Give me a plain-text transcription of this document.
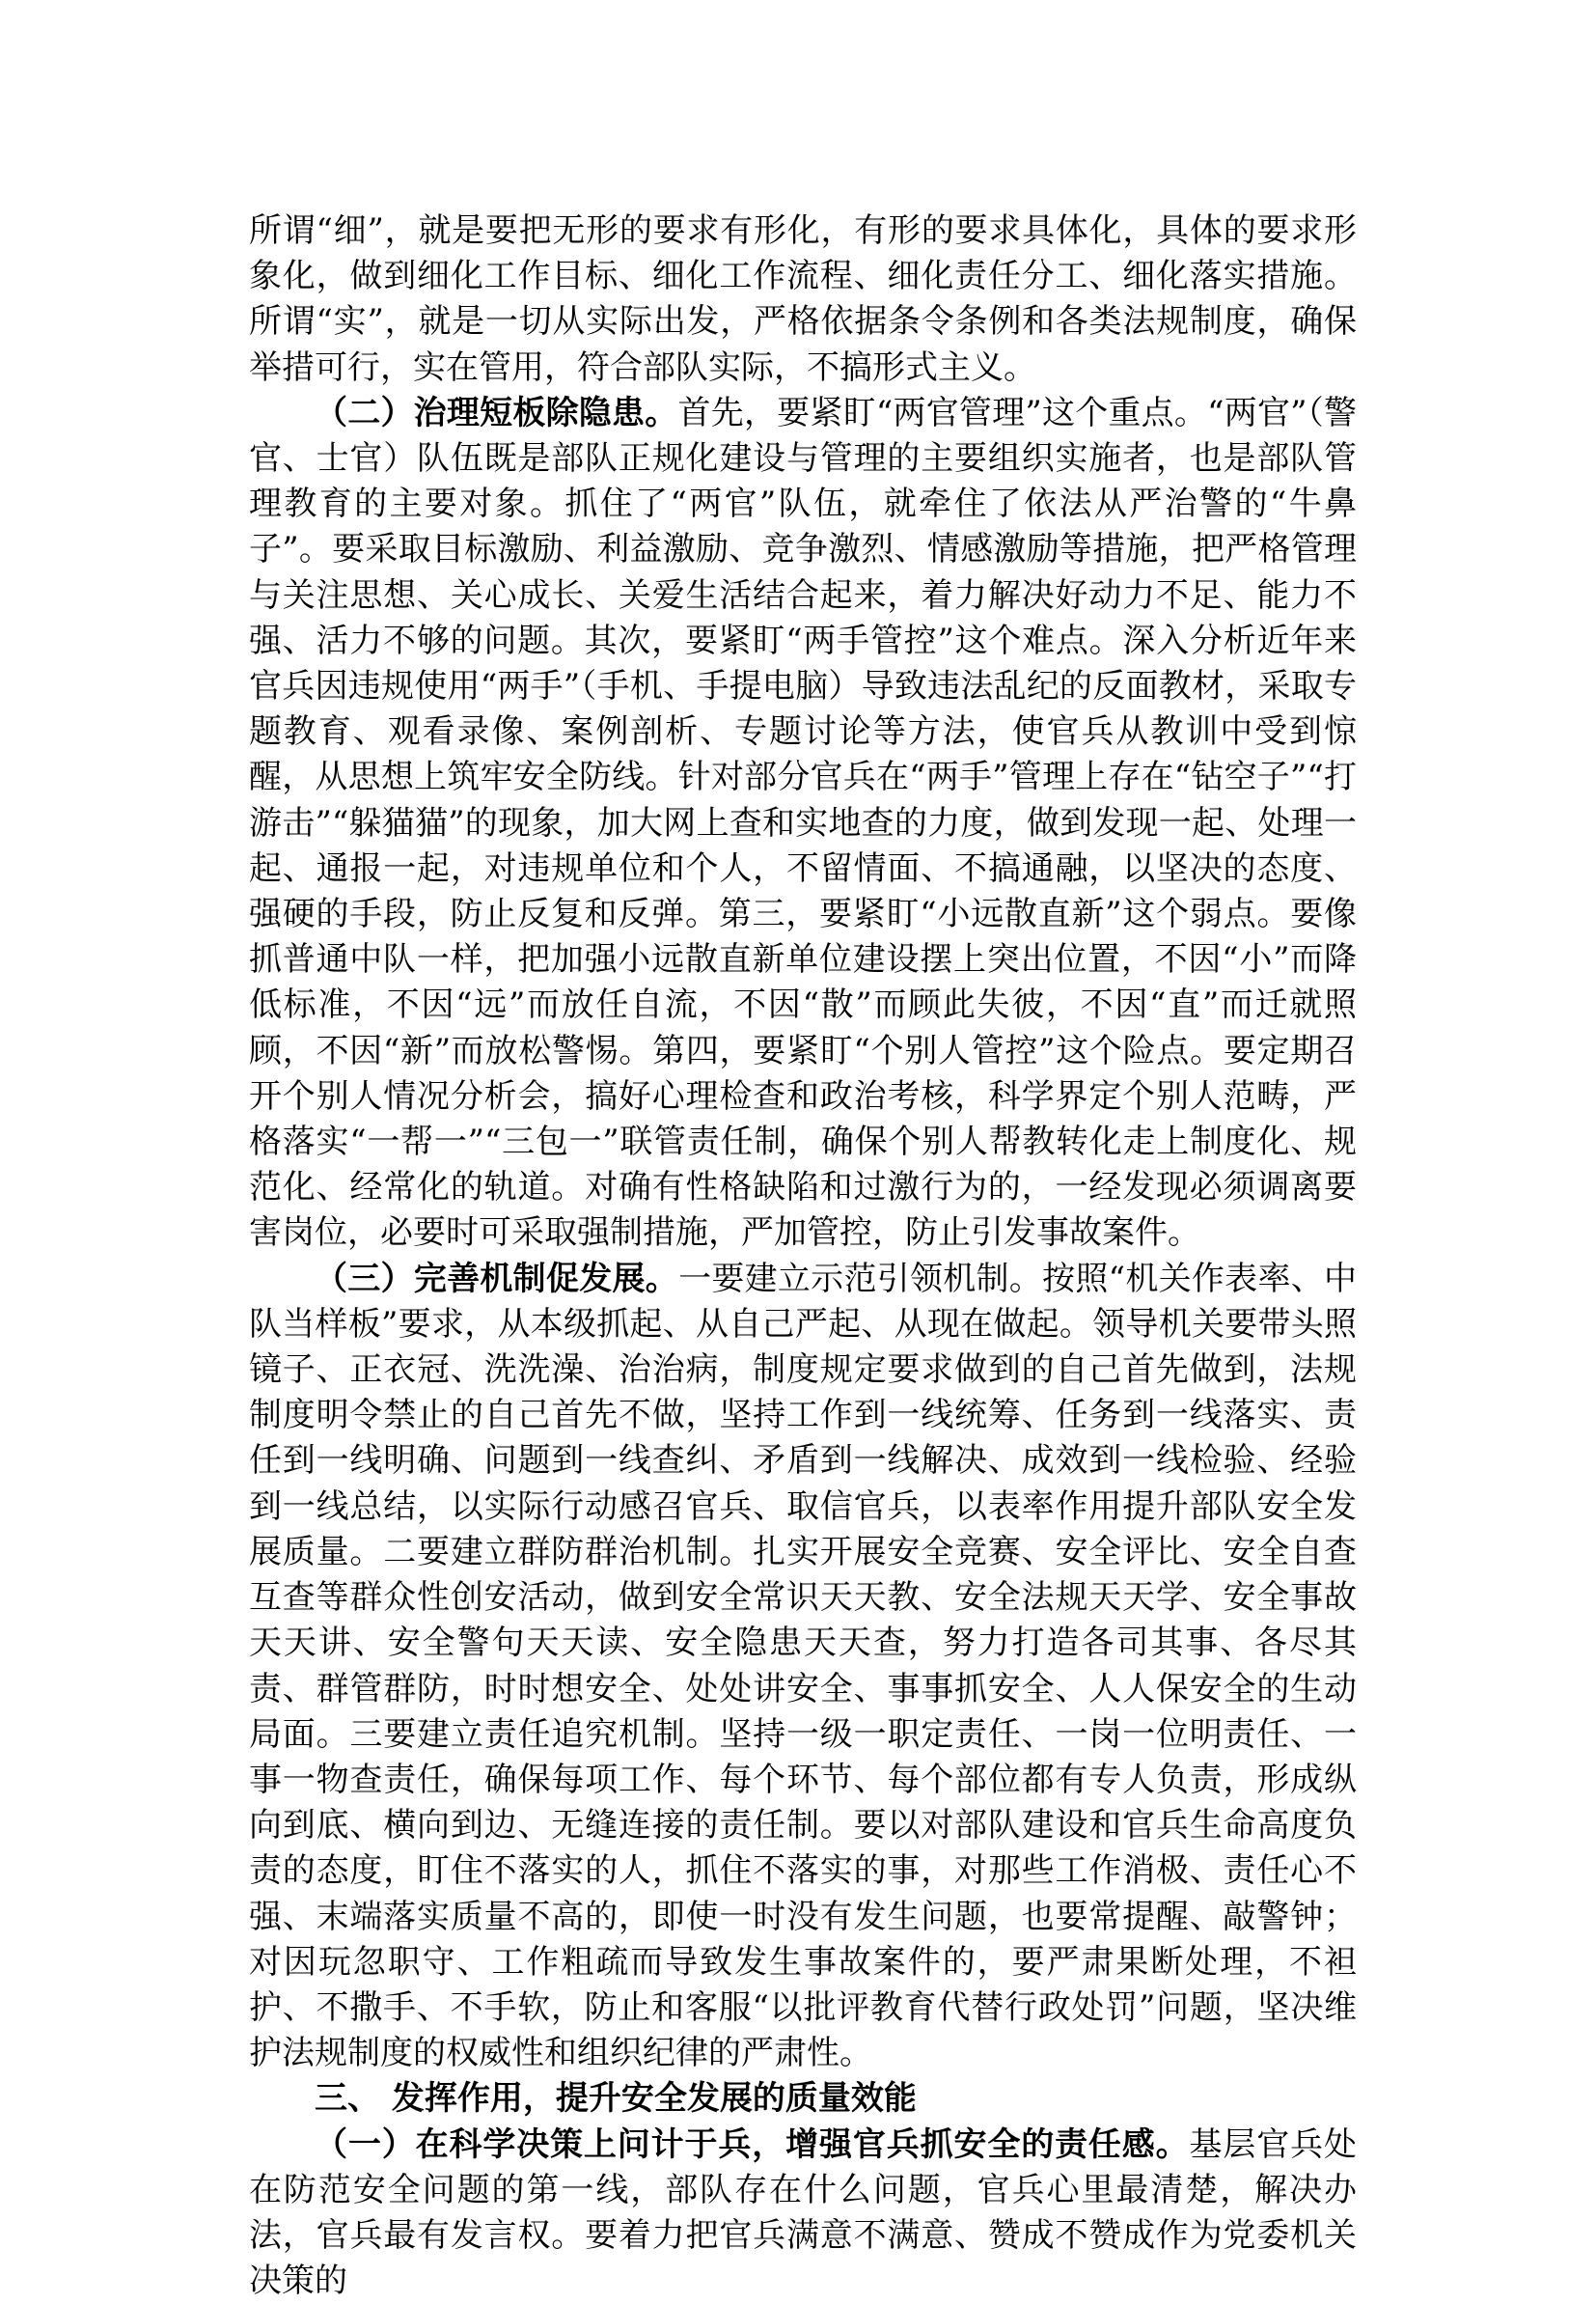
所谓“细”，就是要把无形的要求有形化，有形的要求具体化，具体的要求形象化，做到细化工作目标、细化工作流程、细化责任分工、细化落实措施。所谓“实”，就是一切从实际出发，严格依据条令条例和各类法规制度，确保举措可行，实在管用，符合部队实际，不搞形式主义。

（二）治理短板除隐患。首先，要紧盯“两官管理”这个重点。“两官”（警官、士官）队伍既是部队正规化建设与管理的主要组织实施者，也是部队管理教育的主要对象。抓住了“两官”队伍，就牵住了依法从严治警的“牛鼻子”。要采取目标激励、利益激励、竞争激烈、情感激励等措施，把严格管理与关注思想、关心成长、关爱生活结合起来，着力解决好动力不足、能力不强、活力不够的问题。其次，要紧盯“两手管控”这个难点。深入分析近年来官兵因违规使用“两手”（手机、手提电脑）导致违法乱纪的反面教材，采取专题教育、观看录像、案例剖析、专题讨论等方法，使官兵从教训中受到惊醒，从思想上筑牢安全防线。针对部分官兵在“两手”管理上存在“钻空子”“打游击”“躲猫猫”的现象，加大网上查和实地查的力度，做到发现一起、处理一起、通报一起，对违规单位和个人，不留情面、不搞通融，以坚决的态度、强硬的手段，防止反复和反弹。第三，要紧盯“小远散直新”这个弱点。要像抓普通中队一样，把加强小远散直新单位建设摆上突出位置，不因“小”而降低标准，不因“远”而放任自流，不因“散”而顾此失彼，不因“直”而迁就照顾，不因“新”而放松警惕。第四，要紧盯“个别人管控”这个险点。要定期召开个别人情况分析会，搞好心理检查和政治考核，科学界定个别人范畴，严格落实“一帮一”“三包一”联管责任制，确保个别人帮教转化走上制度化、规范化、经常化的轨道。对确有性格缺陷和过激行为的，一经发现必须调离要害岗位，必要时可采取强制措施，严加管控，防止引发事故案件。

（三）完善机制促发展。一要建立示范引领机制。按照“机关作表率、中队当样板”要求，从本级抓起、从自己严起、从现在做起。领导机关要带头照镜子、正衣冠、洗洗澡、治治病，制度规定要求做到的自己首先做到，法规制度明令禁止的自己首先不做，坚持工作到一线统筹、任务到一线落实、责任到一线明确、问题到一线查纠、矛盾到一线解决、成效到一线检验、经验到一线总结，以实际行动感召官兵、取信官兵，以表率作用提升部队安全发展质量。二要建立群防群治机制。扎实开展安全竞赛、安全评比、安全自查互查等群众性创安活动，做到安全常识天天教、安全法规天天学、安全事故天天讲、安全警句天天读、安全隐患天天查，努力打造各司其事、各尽其责、群管群防，时时想安全、处处讲安全、事事抓安全、人人保安全的生动局面。三要建立责任追究机制。坚持一级一职定责任、一岗一位明责任、一事一物查责任，确保每项工作、每个环节、每个部位都有专人负责，形成纵向到底、横向到边、无缝连接的责任制。要以对部队建设和官兵生命高度负责的态度，盯住不落实的人，抓住不落实的事，对那些工作消极、责任心不强、末端落实质量不高的，即使一时没有发生问题，也要常提醒、敲警钟；对因玩忽职守、工作粗疏而导致发生事故案件的，要严肃果断处理，不袒护、不撒手、不手软，防止和客服“以批评教育代替行政处罚”问题，坚决维护法规制度的权威性和组织纪律的严肃性。

三、 发挥作用，提升安全发展的质量效能

（一）在科学决策上问计于兵，增强官兵抓安全的责任感。基层官兵处在防范安全问题的第一线，部队存在什么问题，官兵心里最清楚，解决办法，官兵最有发言权。要着力把官兵满意不满意、赞成不赞成作为党委机关决策的
